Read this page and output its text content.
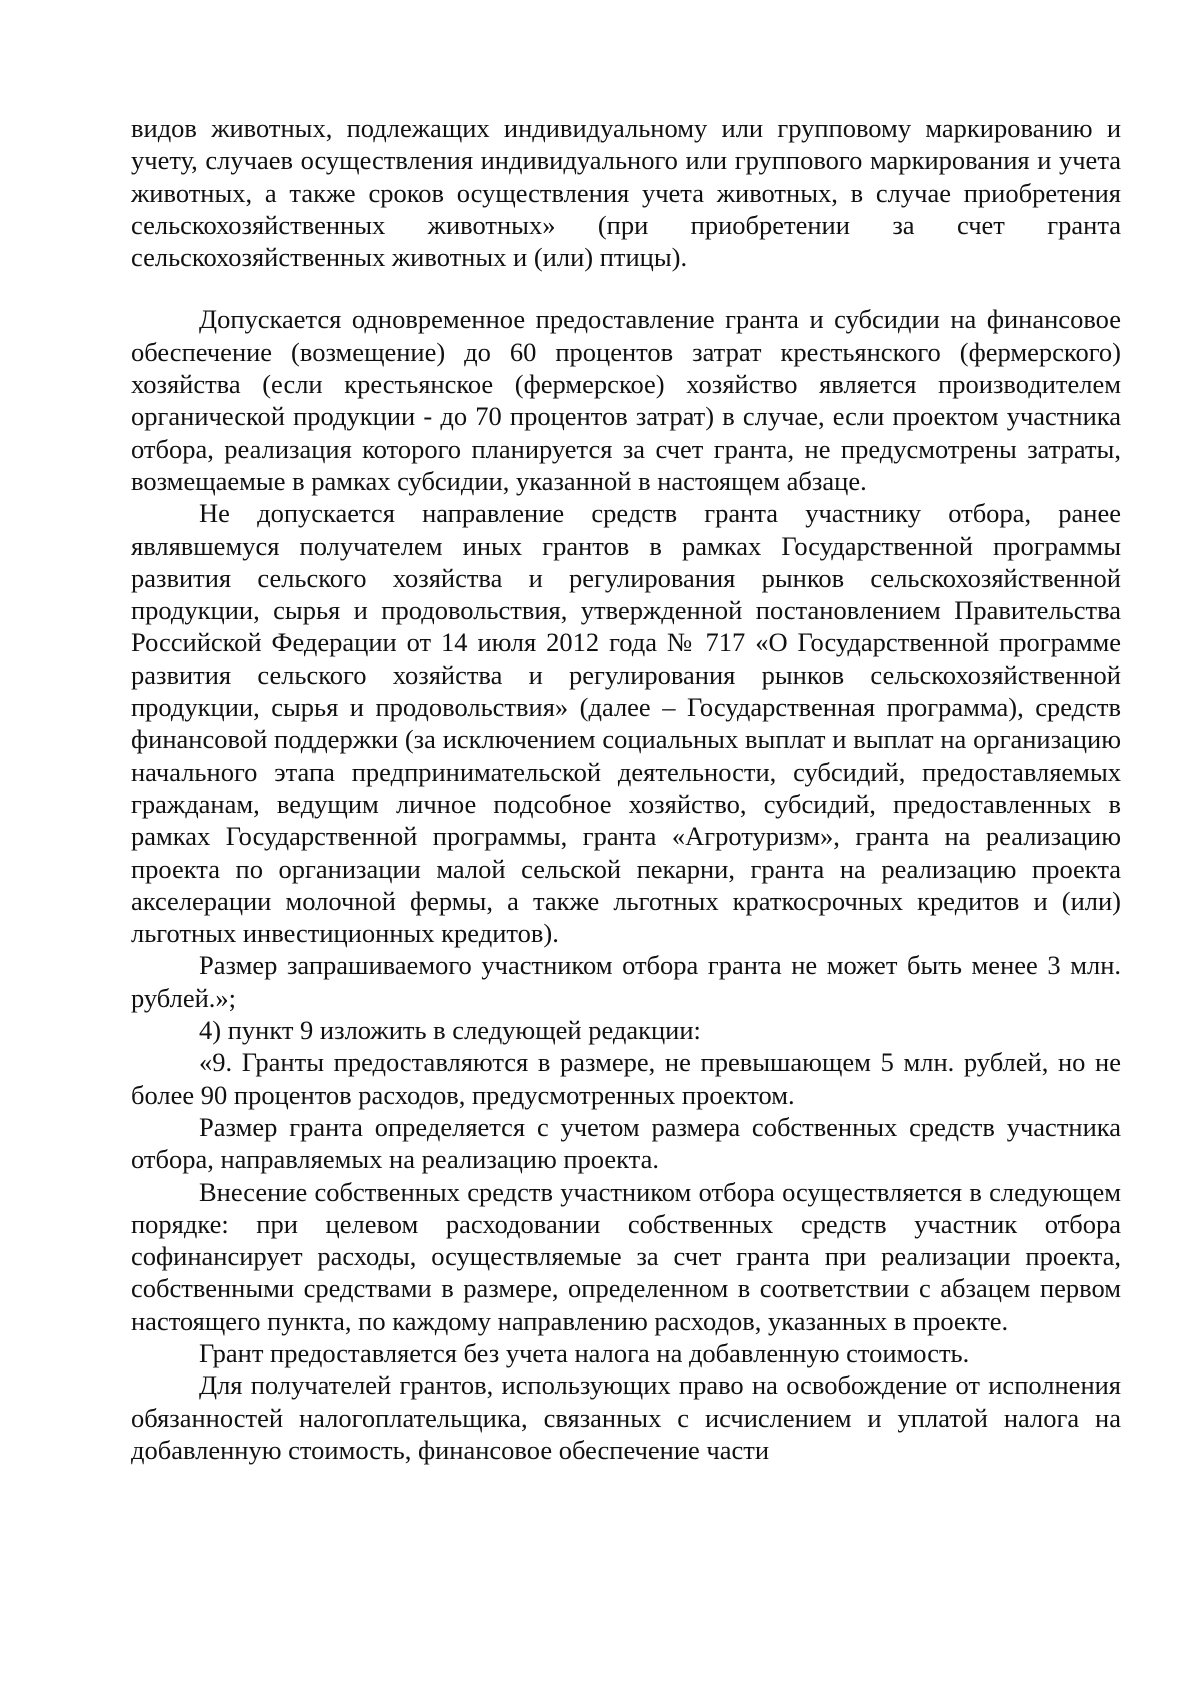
видов животных, подлежащих индивидуальному или групповому маркированию и учету, случаев осуществления индивидуального или группового маркирования и учета животных, а также сроков осуществления учета животных, в случае приобретения сельскохозяйственных животных» (при приобретении за счет гранта сельскохозяйственных животных и (или) птицы).

Допускается одновременное предоставление гранта и субсидии на финансовое обеспечение (возмещение) до 60 процентов затрат крестьянского (фермерского) хозяйства (если крестьянское (фермерское) хозяйство является производителем органической продукции - до 70 процентов затрат) в случае, если проектом участника отбора, реализация которого планируется за счет гранта, не предусмотрены затраты, возмещаемые в рамках субсидии, указанной в настоящем абзаце.

Не допускается направление средств гранта участнику отбора, ранее являвшемуся получателем иных грантов в рамках Государственной программы развития сельского хозяйства и регулирования рынков сельскохозяйственной продукции, сырья и продовольствия, утвержденной постановлением Правительства Российской Федерации от 14 июля 2012 года № 717 «О Государственной программе развития сельского хозяйства и регулирования рынков сельскохозяйственной продукции, сырья и продовольствия» (далее – Государственная программа), средств финансовой поддержки (за исключением социальных выплат и выплат на организацию начального этапа предпринимательской деятельности, субсидий, предоставляемых гражданам, ведущим личное подсобное хозяйство, субсидий, предоставленных в рамках Государственной программы, гранта «Агротуризм», гранта на реализацию проекта по организации малой сельской пекарни, гранта на реализацию проекта акселерации молочной фермы, а также льготных краткосрочных кредитов и (или) льготных инвестиционных кредитов).

Размер запрашиваемого участником отбора гранта не может быть менее 3 млн. рублей.»;

4) пункт 9 изложить в следующей редакции:

«9. Гранты предоставляются в размере, не превышающем 5 млн. рублей, но не более 90 процентов расходов, предусмотренных проектом.

Размер гранта определяется с учетом размера собственных средств участника отбора, направляемых на реализацию проекта.

Внесение собственных средств участником отбора осуществляется в следующем порядке: при целевом расходовании собственных средств участник отбора софинансирует расходы, осуществляемые за счет гранта при реализации проекта, собственными средствами в размере, определенном в соответствии с абзацем первом настоящего пункта, по каждому направлению расходов, указанных в проекте.

Грант предоставляется без учета налога на добавленную стоимость.

Для получателей грантов, использующих право на освобождение от исполнения обязанностей налогоплательщика, связанных с исчислением и уплатой налога на добавленную стоимость, финансовое обеспечение части
